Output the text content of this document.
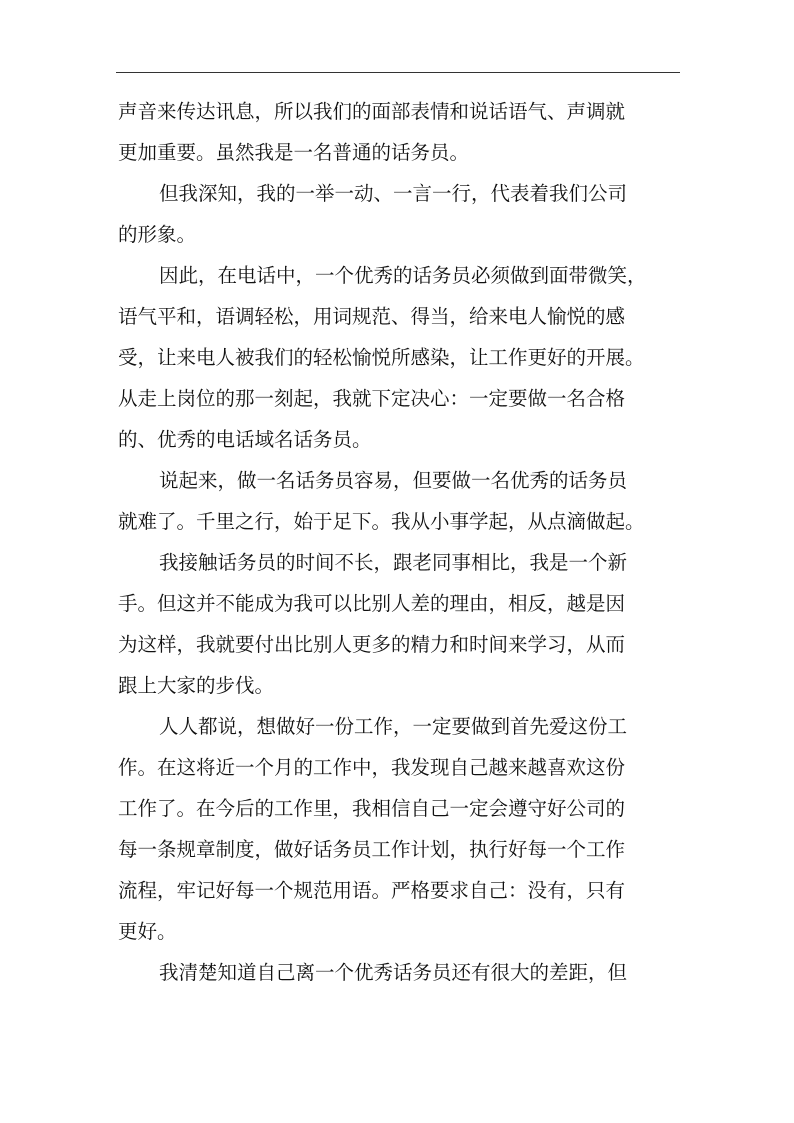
声音来传达讯息，所以我们的面部表情和说话语气、声调就
更加重要。虽然我是一名普通的话务员。
但我深知，我的一举一动、一言一行，代表着我们公司
的形象。
因此，在电话中，一个优秀的话务员必须做到面带微笑，
语气平和，语调轻松，用词规范、得当，给来电人愉悦的感
受，让来电人被我们的轻松愉悦所感染，让工作更好的开展。
从走上岗位的那一刻起，我就下定决心：一定要做一名合格
的、优秀的电话域名话务员。
说起来，做一名话务员容易，但要做一名优秀的话务员
就难了。千里之行，始于足下。我从小事学起，从点滴做起。
我接触话务员的时间不长，跟老同事相比，我是一个新
手。但这并不能成为我可以比别人差的理由，相反，越是因
为这样，我就要付出比别人更多的精力和时间来学习，从而
跟上大家的步伐。
人人都说，想做好一份工作，一定要做到首先爱这份工
作。在这将近一个月的工作中，我发现自己越来越喜欢这份
工作了。在今后的工作里，我相信自己一定会遵守好公司的
每一条规章制度，做好话务员工作计划，执行好每一个工作
流程，牢记好每一个规范用语。严格要求自己：没有，只有
更好。
我清楚知道自己离一个优秀话务员还有很大的差距，但
